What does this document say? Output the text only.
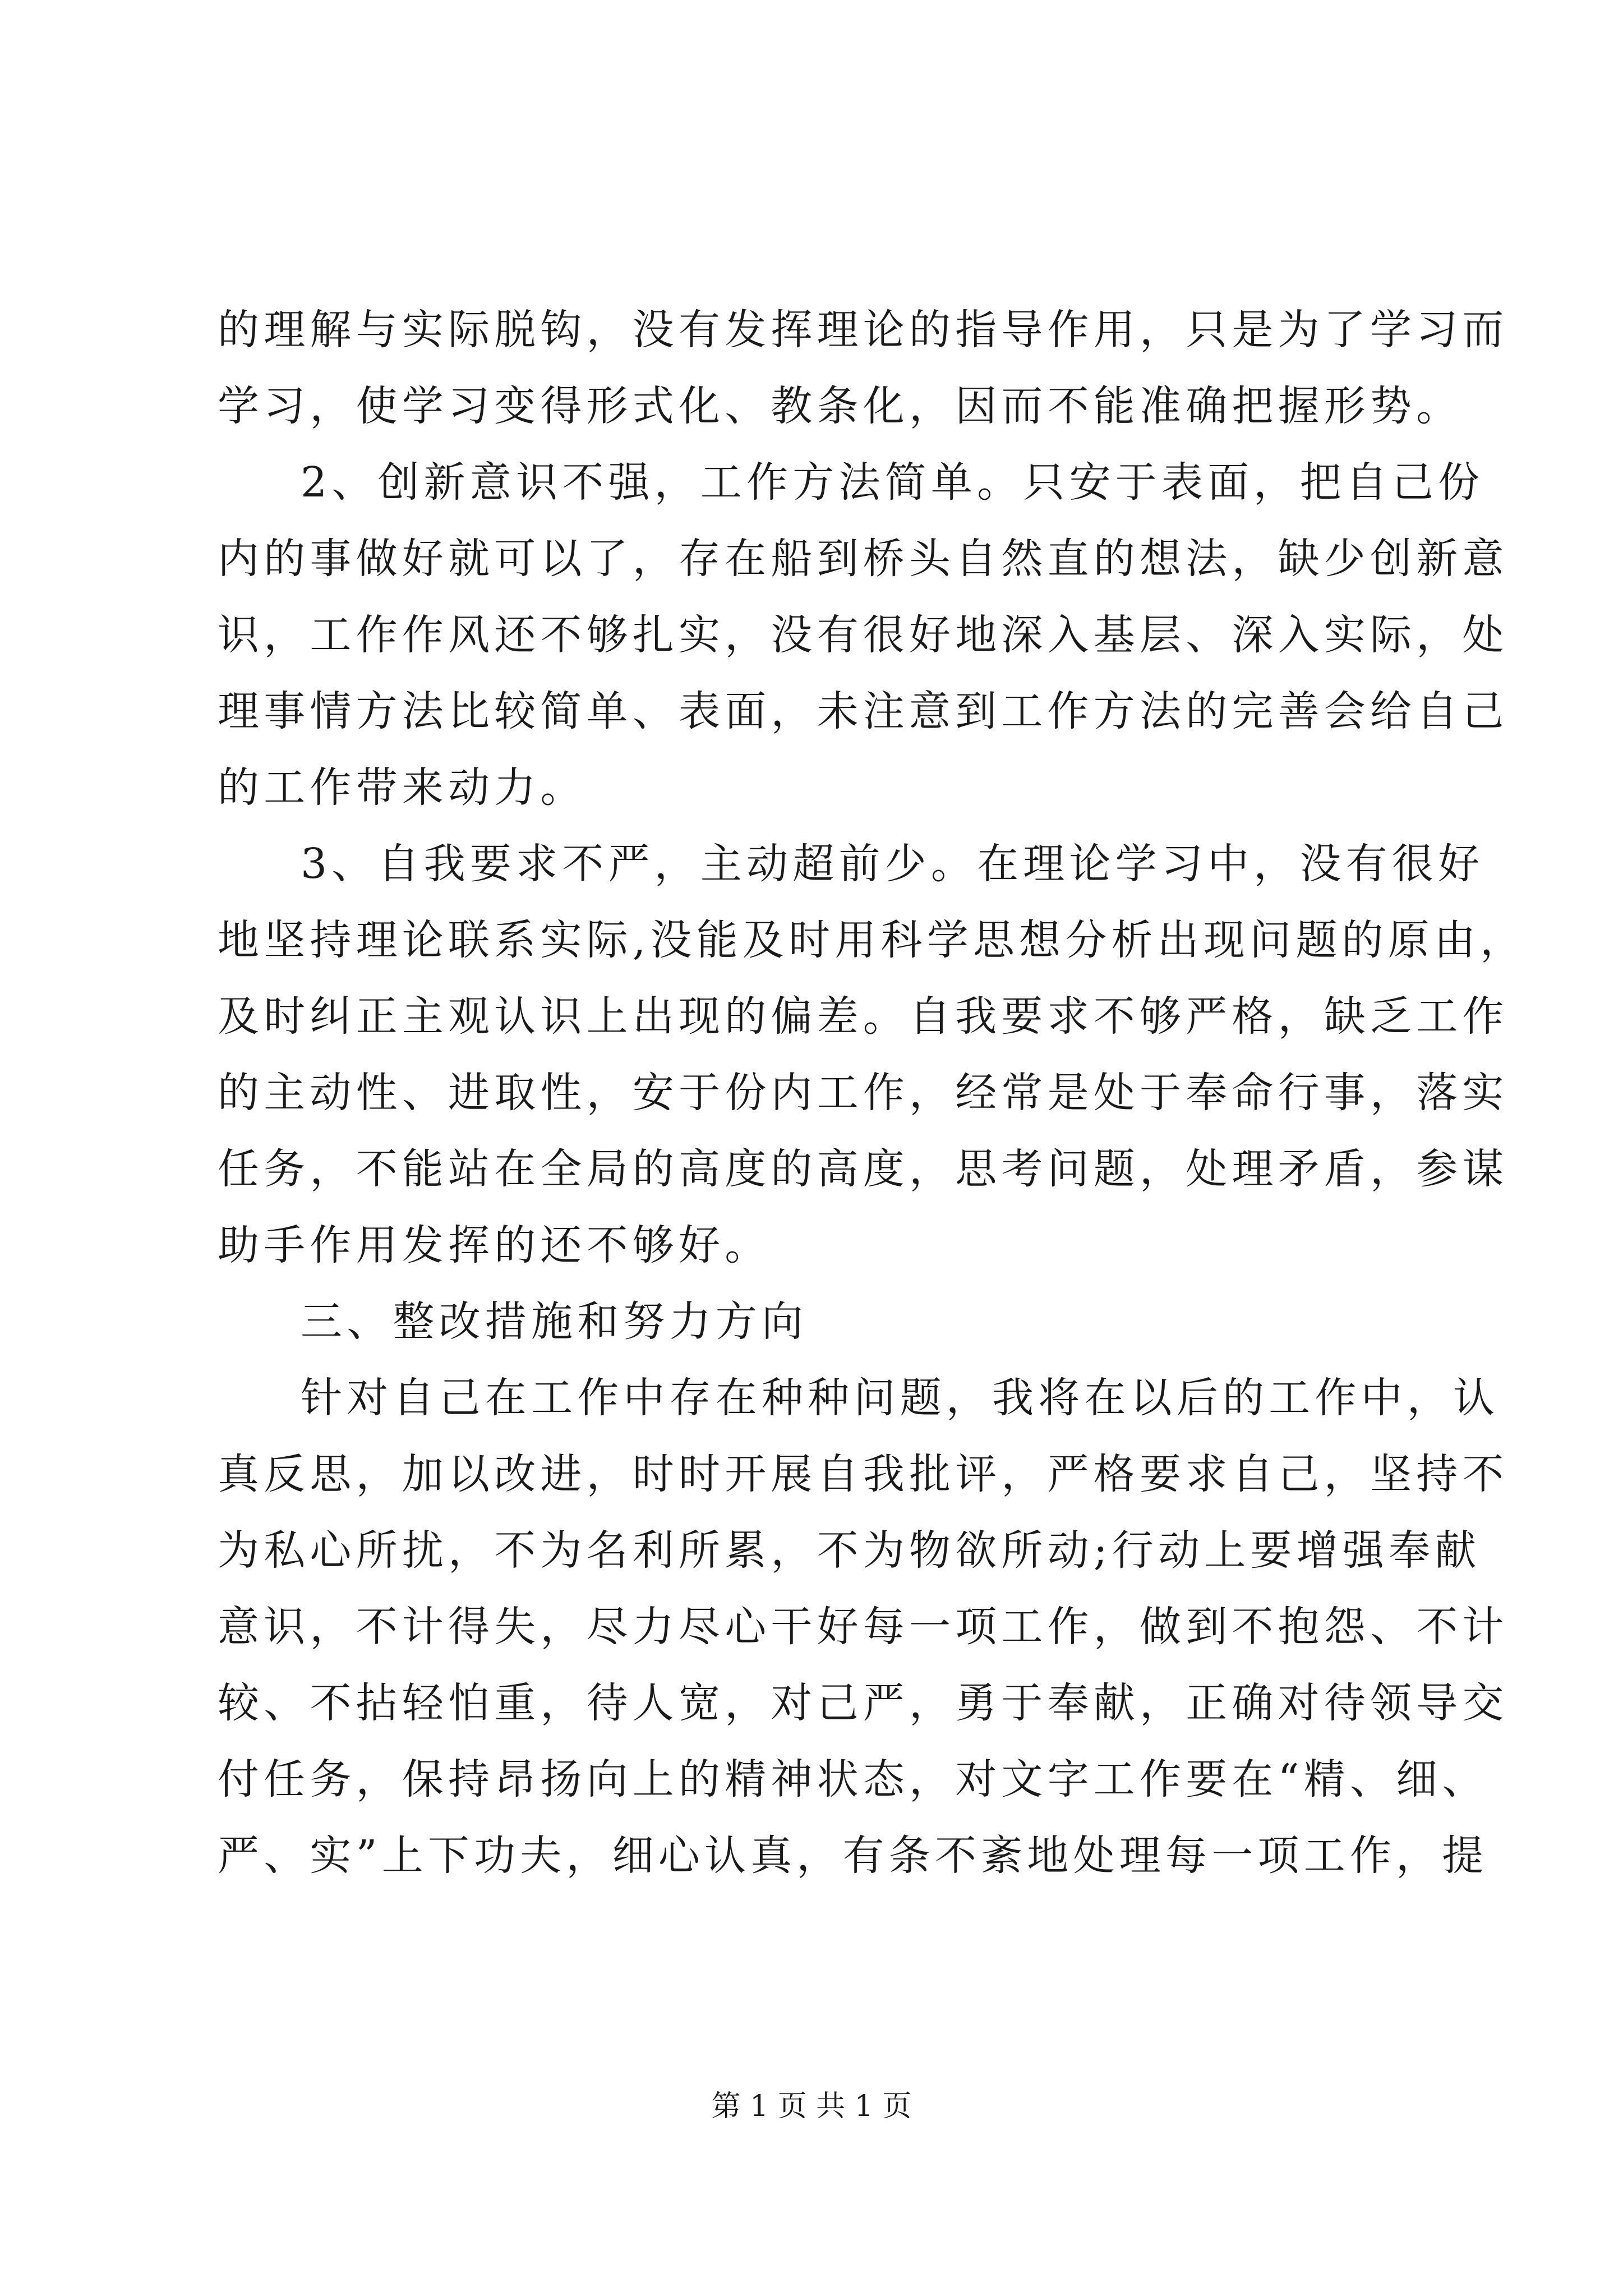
的理解与实际脱钩，没有发挥理论的指导作用，只是为了学习而
学习，使学习变得形式化、教条化，因而不能准确把握形势。
2、创新意识不强，工作方法简单。只安于表面，把自己份
内的事做好就可以了，存在船到桥头自然直的想法，缺少创新意
识，工作作风还不够扎实，没有很好地深入基层、深入实际，处
理事情方法比较简单、表面，未注意到工作方法的完善会给自己
的工作带来动力。
3、自我要求不严，主动超前少。在理论学习中，没有很好
地坚持理论联系实际,没能及时用科学思想分析出现问题的原由，
及时纠正主观认识上出现的偏差。自我要求不够严格，缺乏工作
的主动性、进取性，安于份内工作，经常是处于奉命行事，落实
任务，不能站在全局的高度的高度，思考问题，处理矛盾，参谋
助手作用发挥的还不够好。
三、整改措施和努力方向
针对自己在工作中存在种种问题，我将在以后的工作中，认
真反思，加以改进，时时开展自我批评，严格要求自己，坚持不
为私心所扰，不为名利所累，不为物欲所动;行动上要增强奉献
意识，不计得失，尽力尽心干好每一项工作，做到不抱怨、不计
较、不拈轻怕重，待人宽，对己严，勇于奉献，正确对待领导交
付任务，保持昂扬向上的精神状态，对文字工作要在“精、细、
严、实”上下功夫，细心认真，有条不紊地处理每一项工作，提
第 1 页 共 1 页
